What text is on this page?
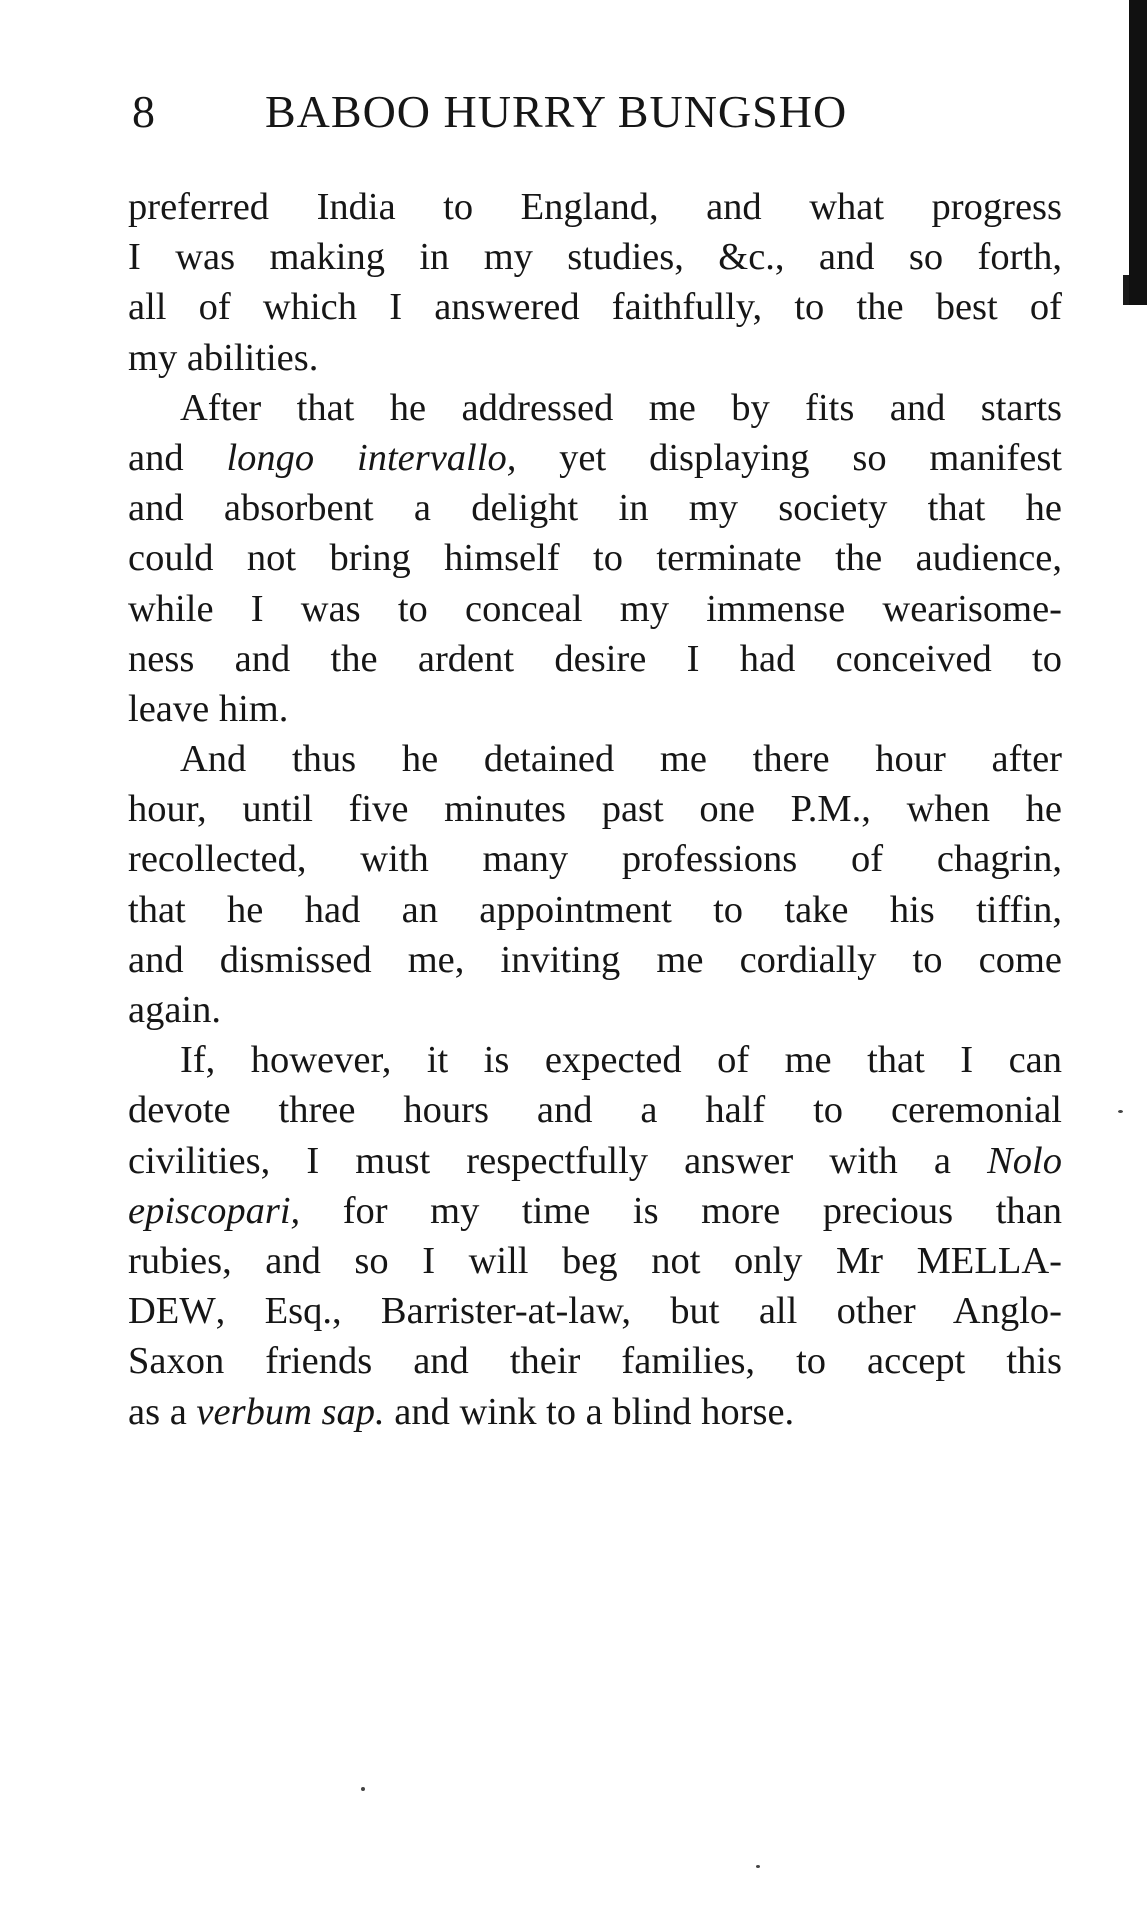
8 BABOO HURRY BUNGSHO
preferred India to England, and what progress
I was making in my studies, &c., and so forth,
all of which I answered faithfully, to the best of
my abilities.
After that he addressed me by fits and starts
and longo intervallo, yet displaying so manifest
and absorbent a delight in my society that he
could not bring himself to terminate the audience,
while I was to conceal my immense wearisome-
ness and the ardent desire I had conceived to
leave him.
And thus he detained me there hour after
hour, until five minutes past one P.M., when he
recollected, with many professions of chagrin,
that he had an appointment to take his tiffin,
and dismissed me, inviting me cordially to come
again.
If, however, it is expected of me that I can
devote three hours and a half to ceremonial
civilities, I must respectfully answer with a Nolo
episcopari, for my time is more precious than
rubies, and so I will beg not only Mr MELLA-
DEW, Esq., Barrister-at-law, but all other Anglo-
Saxon friends and their families, to accept this
as a verbum sap. and wink to a blind horse.
